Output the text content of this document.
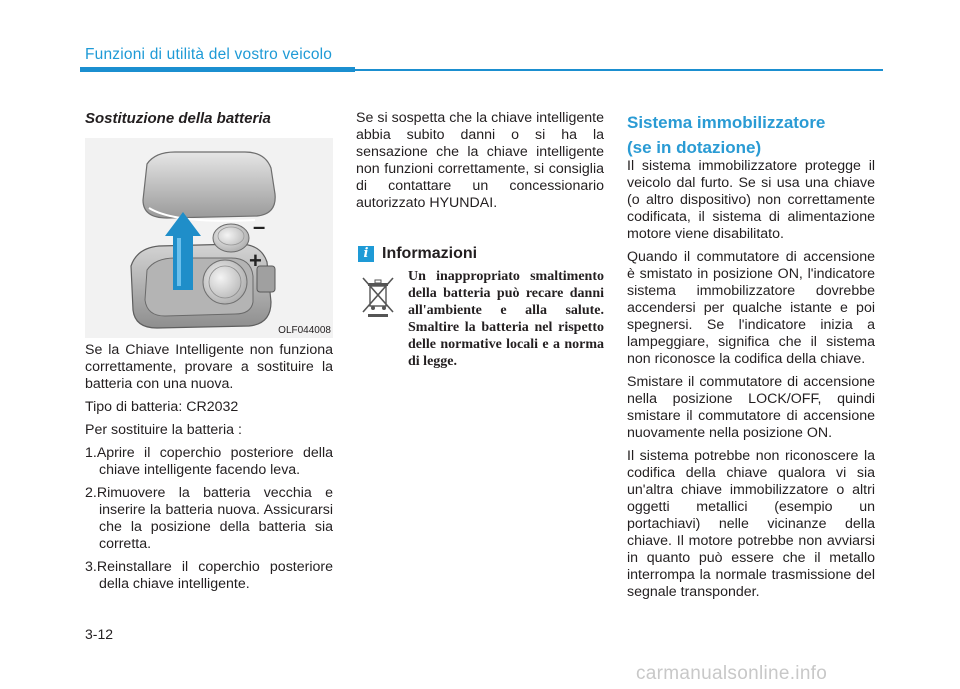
Funzioni di utilità del vostro veicolo
Sostituzione della batteria
–
+
OLF044008

Se la Chiave Intelligente non funziona correttamente, provare a sostituire la batteria con una nuova.

Tipo di batteria: CR2032

Per sostituire la batteria :

1.Aprire il coperchio posteriore della chiave intelligente facendo leva.

2.Rimuovere la batteria vecchia e inserire la batteria nuova. Assicurarsi che la posizione della batteria sia corretta.

3.Reinstallare il coperchio posteriore della chiave intelligente.

Se si sospetta che la chiave intelligente abbia subito danni o si ha la sensazione che la chiave intelligente non funzioni correttamente, si consiglia di contattare un concessionario autorizzato HYUNDAI.

i Informazioni
Un inappropriato smaltimento della batteria può recare danni all'ambiente e alla salute. Smaltire la batteria nel rispetto delle normative locali e a norma di legge.
Sistema immobilizzatore
(se in dotazione)

Il sistema immobilizzatore protegge il veicolo dal furto. Se si usa una chiave (o altro dispositivo) non correttamente codificata, il sistema di alimentazione motore viene disabilitato.

Quando il commutatore di accensione è smistato in posizione ON, l'indicatore sistema immobilizzatore dovrebbe accendersi per qualche istante e poi spegnersi. Se l'indicatore inizia a lampeggiare, significa che il sistema non riconosce la codifica della chiave.

Smistare il commutatore di accensione nella posizione LOCK/OFF, quindi smistare il commutatore di accensione nuovamente nella posizione ON.

Il sistema potrebbe non riconoscere la codifica della chiave qualora vi sia un'altra chiave immobilizzatore o altri oggetti metallici (esempio un portachiavi) nelle vicinanze della chiave. Il motore potrebbe non avviarsi in quanto può essere che il metallo interrompa la normale trasmissione del segnale transponder.

3-12
carmanualsonline.info
